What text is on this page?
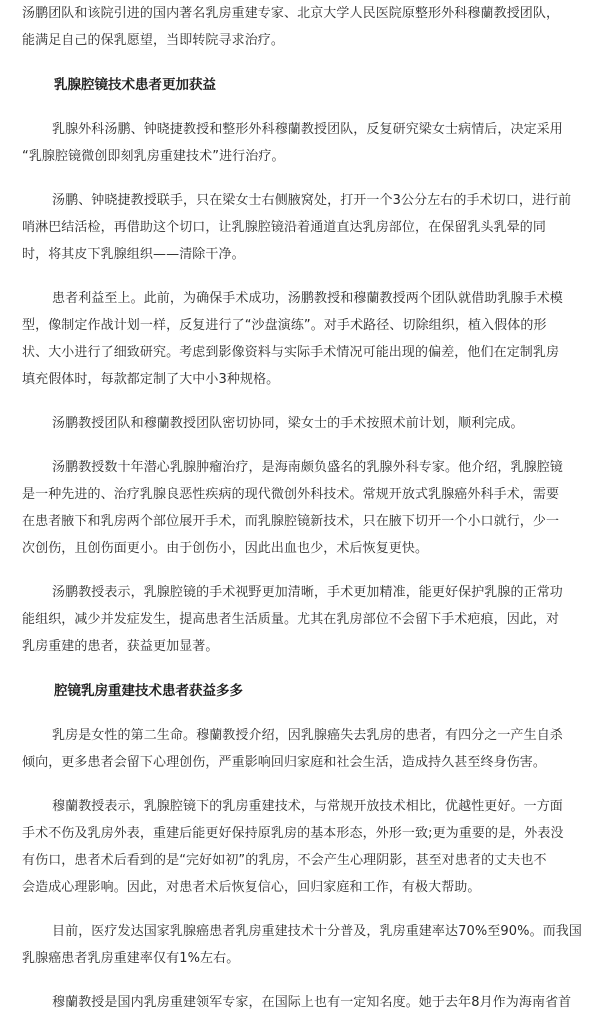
汤鹏团队和该院引进的国内著名乳房重建专家、北京大学人民医院原整形外科穆蘭教授团队，
能满足自己的保乳愿望，当即转院寻求治疗。
乳腺腔镜技术患者更加获益
乳腺外科汤鹏、钟晓捷教授和整形外科穆蘭教授团队，反复研究梁女士病情后，决定采用
“乳腺腔镜微创即刻乳房重建技术”进行治疗。
汤鹏、钟晓捷教授联手，只在梁女士右侧腋窝处，打开一个3公分左右的手术切口，进行前
哨淋巴结活检，再借助这个切口，让乳腺腔镜沿着通道直达乳房部位，在保留乳头乳晕的同
时，将其皮下乳腺组织——清除干净。
患者利益至上。此前，为确保手术成功，汤鹏教授和穆蘭教授两个团队就借助乳腺手术模
型，像制定作战计划一样，反复进行了“沙盘演练”。对手术路径、切除组织，植入假体的形
状、大小进行了细致研究。考虑到影像资料与实际手术情况可能出现的偏差，他们在定制乳房
填充假体时，每款都定制了大中小3种规格。
汤鹏教授团队和穆蘭教授团队密切协同，梁女士的手术按照术前计划，顺利完成。
汤鹏教授数十年潜心乳腺肿瘤治疗，是海南颇负盛名的乳腺外科专家。他介绍，乳腺腔镜
是一种先进的、治疗乳腺良恶性疾病的现代微创外科技术。常规开放式乳腺癌外科手术，需要
在患者腋下和乳房两个部位展开手术，而乳腺腔镜新技术，只在腋下切开一个小口就行，少一
次创伤，且创伤面更小。由于创伤小，因此出血也少，术后恢复更快。
汤鹏教授表示，乳腺腔镜的手术视野更加清晰，手术更加精准，能更好保护乳腺的正常功
能组织，减少并发症发生，提高患者生活质量。尤其在乳房部位不会留下手术疤痕，因此，对
乳房重建的患者，获益更加显著。
腔镜乳房重建技术患者获益多多
乳房是女性的第二生命。穆蘭教授介绍，因乳腺癌失去乳房的患者，有四分之一产生自杀
倾向，更多患者会留下心理创伤，严重影响回归家庭和社会生活，造成持久甚至终身伤害。
穆蘭教授表示，乳腺腔镜下的乳房重建技术，与常规开放技术相比，优越性更好。一方面
手术不伤及乳房外表，重建后能更好保持原乳房的基本形态，外形一致;更为重要的是，外表没
有伤口，患者术后看到的是“完好如初”的乳房，不会产生心理阴影，甚至对患者的丈夫也不
会造成心理影响。因此，对患者术后恢复信心，回归家庭和工作，有极大帮助。
目前，医疗发达国家乳腺癌患者乳房重建技术十分普及，乳房重建率达70%至90%。而我国
乳腺癌患者乳房重建率仅有1%左右。
穆蘭教授是国内乳房重建领军专家，在国际上也有一定知名度。她于去年8月作为海南省首
